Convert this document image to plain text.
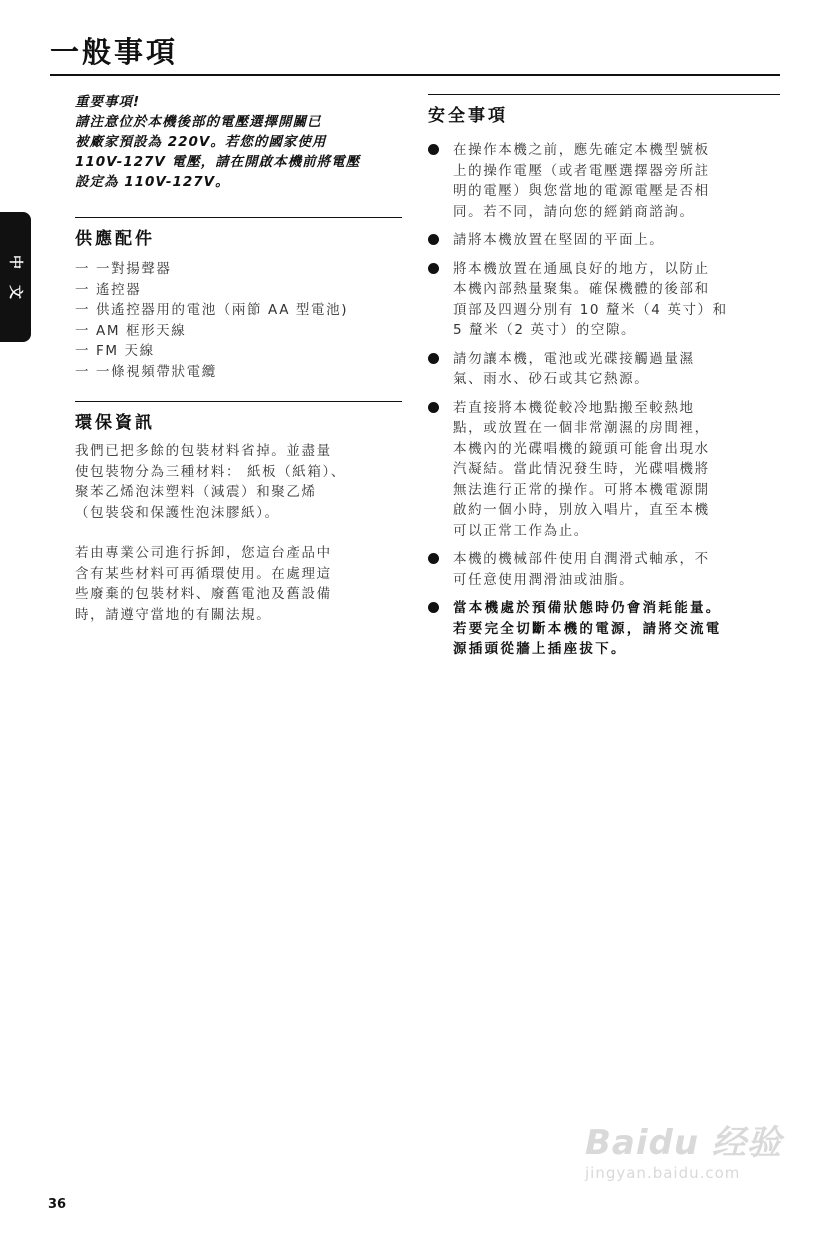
一般事項
中
文
重要事項!
請注意位於本機後部的電壓選擇開關已
被廠家預設為 220V。若您的國家使用
110V-127V 電壓，請在開啟本機前將電壓
設定為 110V-127V。
供應配件
一 一對揚聲器
一 遙控器
一 供遙控器用的電池（兩節 AA 型電池)
一 AM 框形天線
一 FM 天線
一 一條視頻帶狀電纜
環保資訊
我們已把多餘的包裝材料省掉。並盡量
使包裝物分為三種材料： 紙板（紙箱）、
聚苯乙烯泡沫塑料（減震）和聚乙烯
（包裝袋和保護性泡沫膠紙）。
若由專業公司進行拆卸，您這台產品中
含有某些材料可再循環使用。在處理這
些廢棄的包裝材料、廢舊電池及舊設備
時，請遵守當地的有關法規。
安全事項
在操作本機之前，應先確定本機型號板
上的操作電壓（或者電壓選擇器旁所註
明的電壓）與您當地的電源電壓是否相
同。若不同，請向您的經銷商諮詢。
請將本機放置在堅固的平面上。
將本機放置在通風良好的地方，以防止
本機內部熱量聚集。確保機體的後部和
頂部及四週分別有 10 釐米（4 英寸）和
5 釐米（2 英寸）的空隙。
請勿讓本機，電池或光碟接觸過量濕
氣、雨水、砂石或其它熱源。
若直接將本機從較冷地點搬至較熱地
點，或放置在一個非常潮濕的房間裡，
本機內的光碟唱機的鏡頭可能會出現水
汽凝結。當此情況發生時，光碟唱機將
無法進行正常的操作。可將本機電源開
啟約一個小時，別放入唱片，直至本機
可以正常工作為止。
本機的機械部件使用自潤滑式軸承，不
可任意使用潤滑油或油脂。
當本機處於預備狀態時仍會消耗能量。
若要完全切斷本機的電源，請將交流電
源插頭從牆上插座拔下。
Baidu 经验
jingyan.baidu.com
36
